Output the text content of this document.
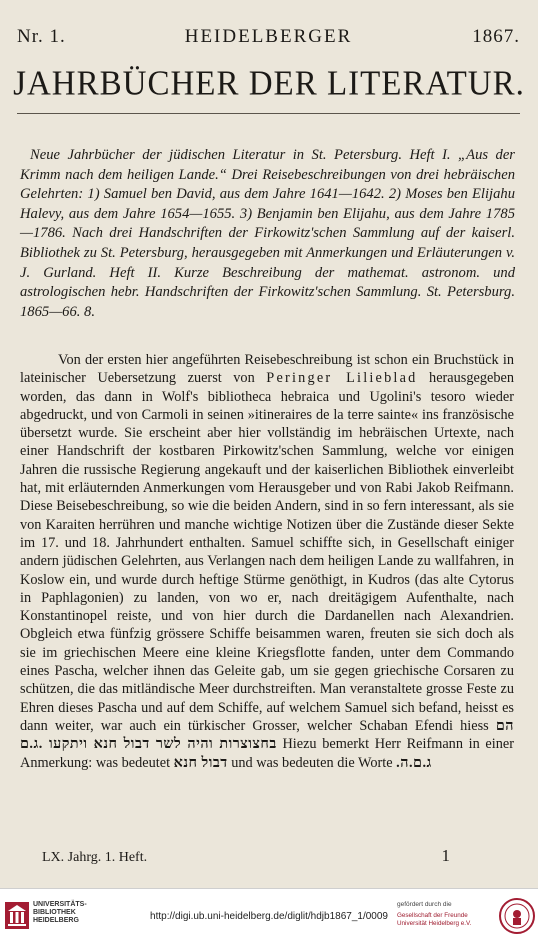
Nr. 1.	HEIDELBERGER	1867.
JAHRBÜCHER DER LITERATUR.
Neue Jahrbücher der jüdischen Literatur in St. Petersburg. Heft I. „Aus der Krimm nach dem heiligen Lande.“ Drei Reisebeschreibungen von drei hebräischen Gelehrten: 1) Samuel ben David, aus dem Jahre 1641—1642. 2) Moses ben Elijahu Halevy, aus dem Jahre 1654—1655. 3) Benjamin ben Elijahu, aus dem Jahre 1785—1786. Nach drei Handschriften der Firkowitz'schen Sammlung auf der kaiserl. Bibliothek zu St. Petersburg, herausgegeben mit Anmerkungen und Erläuterungen v. J. Gurland. Heft II. Kurze Beschreibung der mathemat. astronom. und astrologischen hebr. Handschriften der Firkowitz'schen Sammlung. St. Petersburg. 1865—66. 8.
Von der ersten hier angeführten Reisebeschreibung ist schon ein Bruchstück in lateinischer Uebersetzung zuerst von Peringer Lilieblad herausgegeben worden, das dann in Wolf's bibliotheca hebraica und Ugolini's tesoro wieder abgedruckt, und von Carmoli in seinen »itineraires de la terre sainte« ins französische übersetzt wurde. Sie erscheint aber hier vollständig im hebräischen Urtexte, nach einer Handschrift der kostbaren Pirkowitz'schen Sammlung, welche vor einigen Jahren die russische Regierung angekauft und der kaiserlichen Bibliothek einverleibt hat, mit erläuternden Anmerkungen vom Herausgeber und von Rabi Jakob Reifmann. Diese Beisebeschreibung, so wie die beiden Andern, sind in so fern interessant, als sie von Karaiten herrühren und manche wichtige Notizen über die Zustände dieser Sekte im 17. und 18. Jahrhundert enthalten. Samuel schiffte sich, in Gesellschaft einiger andern jüdischen Gelehrten, aus Verlangen nach dem heiligen Lande zu wallfahren, in Koslow ein, und wurde durch heftige Stürme genöthigt, in Kudros (das alte Cytorus in Paphlagonien) zu landen, von wo er, nach dreitägigem Aufenthalte, nach Konstantinopel reiste, und von hier durch die Dardanellen nach Alexandrien. Obgleich etwa fünfzig grössere Schiffe beisammen waren, freuten sie sich doch als sie im griechischen Meere eine kleine Kriegsflotte fanden, unter dem Commando eines Pascha, welcher ihnen das Geleite gab, um sie gegen griechische Corsaren zu schützen, die das mitländische Meer durchstreiften. Man veranstaltete grosse Feste zu Ehren dieses Pascha und auf dem Schiffe, auf welchem Samuel sich befand, heisst es dann weiter, war auch ein türkischer Grosser, welcher Schaban Efendi hiess הם בחצוצרות והיה לשר דבול חנא ויתקעו .ג.ם Hiezu bemerkt Herr Reifmann in einer Anmerkung: was bedeutet דבול חנא und was bedeuten die Worte ג.ם.ה.
LX. Jahrg. 1. Heft.	1
UNIVERSITÄTS-
BIBLIOTHEK
HEIDELBERG	http://digi.ub.uni-heidelberg.de/diglit/hdjb1867_1/0009
gefördert durch die
Gesellschaft der Freunde
Universität Heidelberg e.V.
